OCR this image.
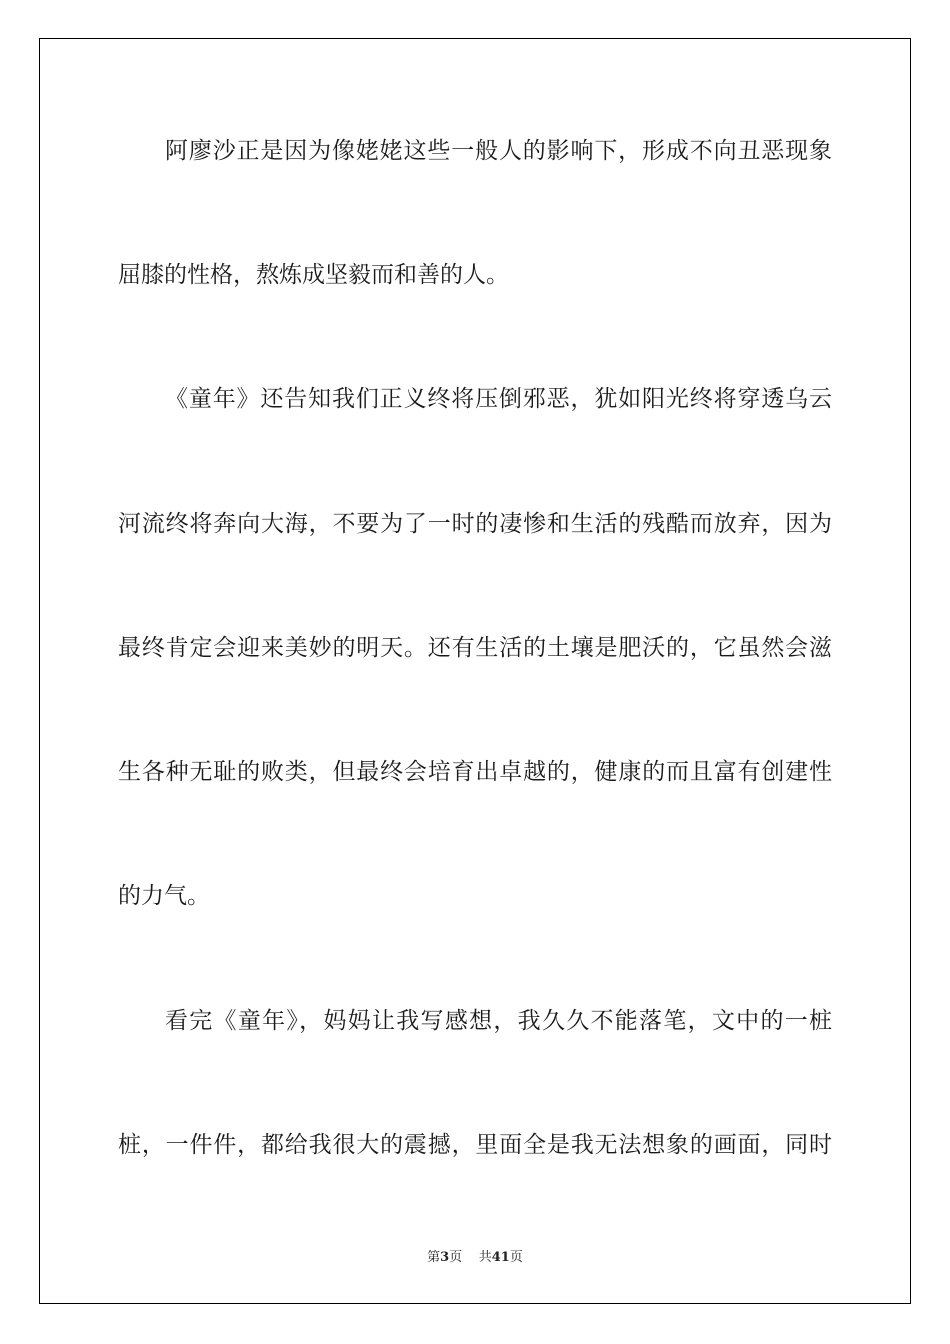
阿廖沙正是因为像姥姥这些一般人的影响下，形成不向丑恶现象
屈膝的性格，熬炼成坚毅而和善的人。
《童年》还告知我们正义终将压倒邪恶，犹如阳光终将穿透乌云
河流终将奔向大海，不要为了一时的凄惨和生活的残酷而放弃，因为
最终肯定会迎来美妙的明天。还有生活的土壤是肥沃的，它虽然会滋
生各种无耻的败类，但最终会培育出卓越的，健康的而且富有创建性
的力气。
看完《童年》，妈妈让我写感想，我久久不能落笔，文中的一桩
桩，一件件，都给我很大的震撼，里面全是我无法想象的画面，同时
第3页 共41页
